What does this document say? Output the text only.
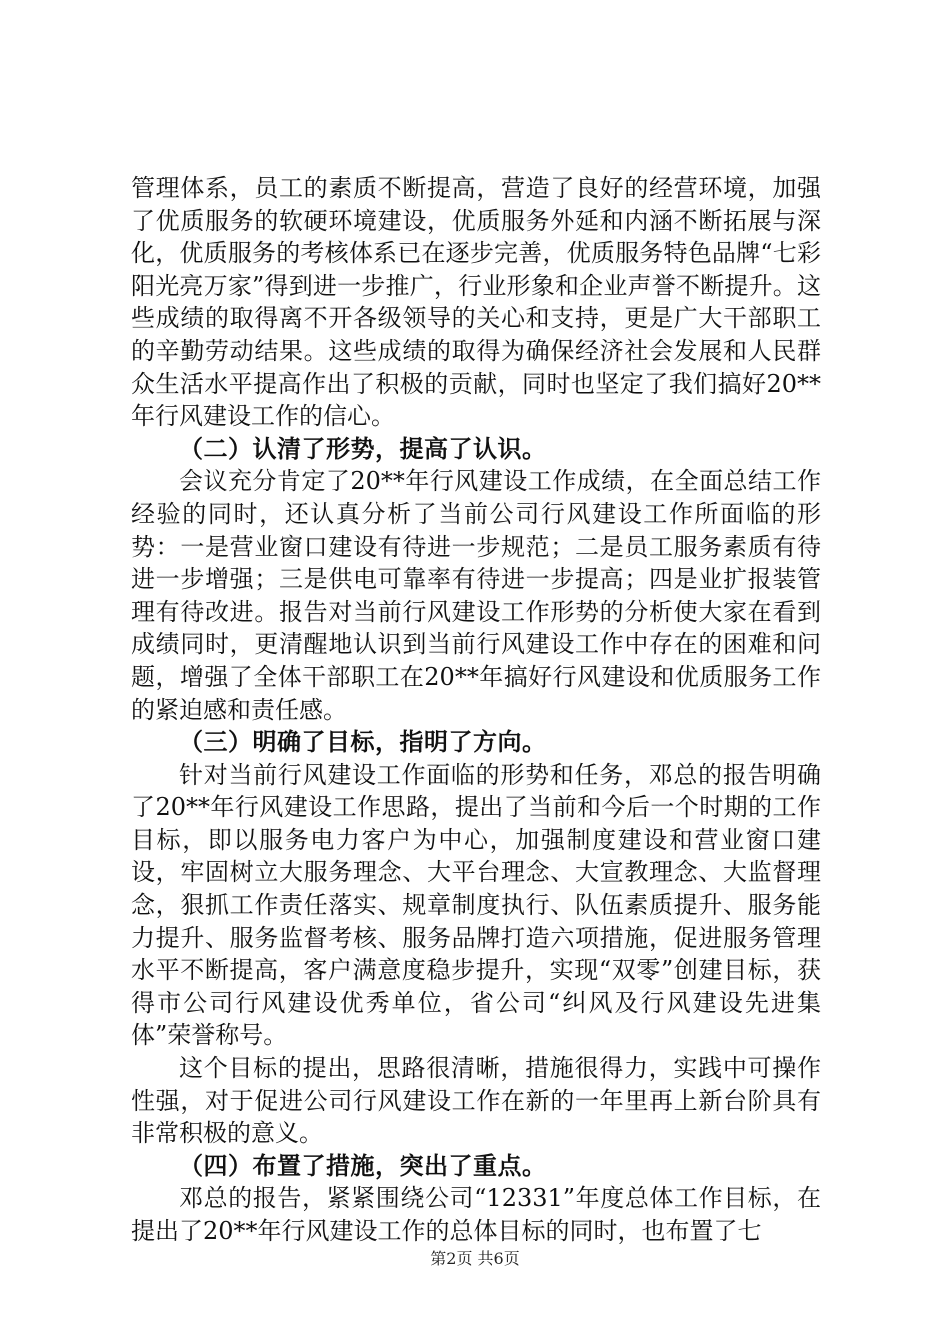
管理体系，员工的素质不断提高，营造了良好的经营环境，加强了优质服务的软硬环境建设，优质服务外延和内涵不断拓展与深化，优质服务的考核体系已在逐步完善，优质服务特色品牌“七彩阳光亮万家”得到进一步推广，行业形象和企业声誉不断提升。这些成绩的取得离不开各级领导的关心和支持，更是广大干部职工的辛勤劳动结果。这些成绩的取得为确保经济社会发展和人民群众生活水平提高作出了积极的贡献，同时也坚定了我们搞好20**年行风建设工作的信心。

（二）认清了形势，提高了认识。

会议充分肯定了20**年行风建设工作成绩，在全面总结工作经验的同时，还认真分析了当前公司行风建设工作所面临的形势：一是营业窗口建设有待进一步规范；二是员工服务素质有待进一步增强；三是供电可靠率有待进一步提高；四是业扩报装管理有待改进。报告对当前行风建设工作形势的分析使大家在看到成绩同时，更清醒地认识到当前行风建设工作中存在的困难和问题，增强了全体干部职工在20**年搞好行风建设和优质服务工作的紧迫感和责任感。

（三）明确了目标，指明了方向。

针对当前行风建设工作面临的形势和任务，邓总的报告明确了20**年行风建设工作思路，提出了当前和今后一个时期的工作目标，即以服务电力客户为中心，加强制度建设和营业窗口建设，牢固树立大服务理念、大平台理念、大宣教理念、大监督理念，狠抓工作责任落实、规章制度执行、队伍素质提升、服务能力提升、服务监督考核、服务品牌打造六项措施，促进服务管理水平不断提高，客户满意度稳步提升，实现“双零”创建目标，获得市公司行风建设优秀单位，省公司“纠风及行风建设先进集体”荣誉称号。

这个目标的提出，思路很清晰，措施很得力，实践中可操作性强，对于促进公司行风建设工作在新的一年里再上新台阶具有非常积极的意义。

（四）布置了措施，突出了重点。

邓总的报告，紧紧围绕公司“12331”年度总体工作目标，在提出了20**年行风建设工作的总体目标的同时，也布置了七

第2页 共6页
